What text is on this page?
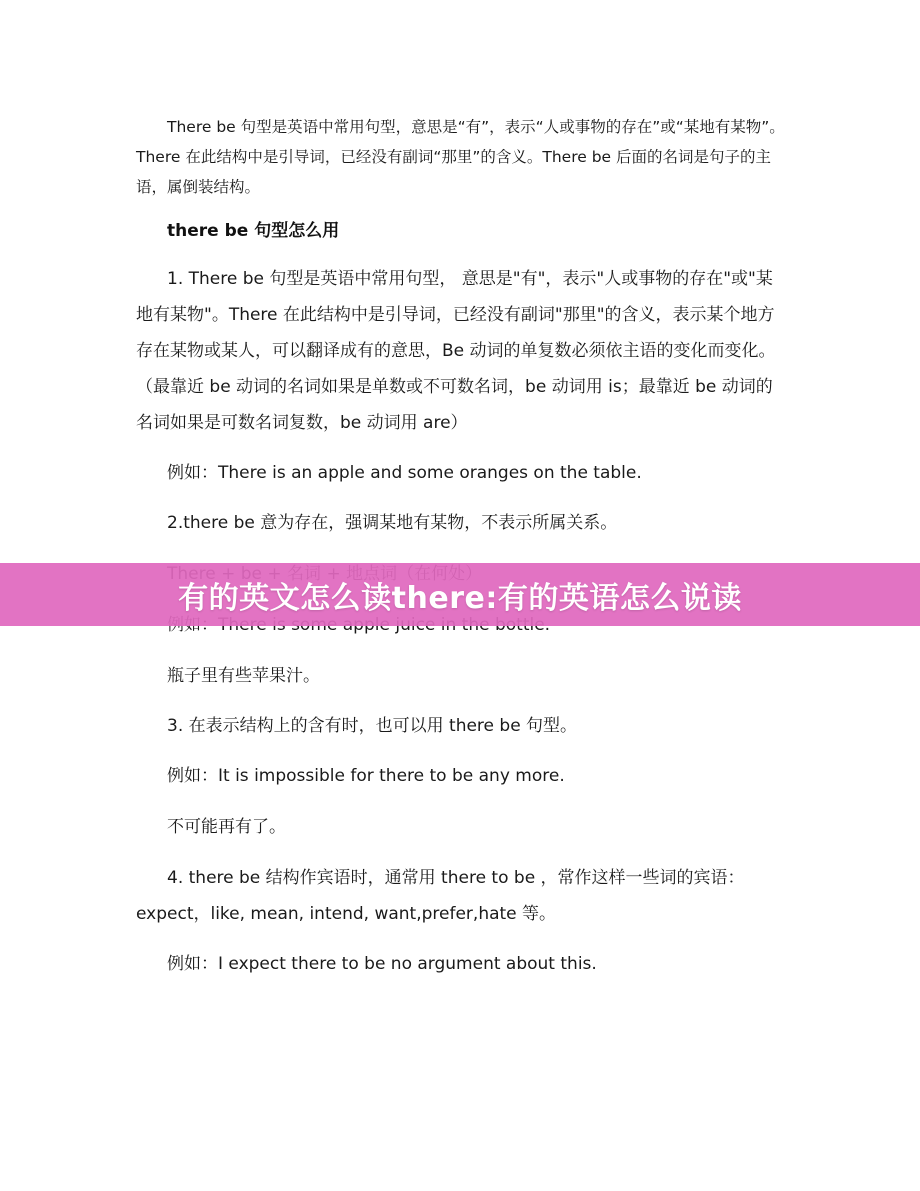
There be 句型是英语中常用句型，意思是“有”，表示“人或事物的存在”或“某地有某物”。There 在此结构中是引导词，已经没有副词“那里”的含义。There be 后面的名词是句子的主语，属倒装结构。

there be 句型怎么用

1. There be 句型是英语中常用句型， 意思是"有"，表示"人或事物的存在"或"某地有某物"。There 在此结构中是引导词，已经没有副词"那里"的含义，表示某个地方存在某物或某人，可以翻译成有的意思，Be 动词的单复数必须依主语的变化而变化。（最靠近 be 动词的名词如果是单数或不可数名词，be 动词用 is；最靠近 be 动词的名词如果是可数名词复数，be 动词用 are）

例如：There is an apple and some oranges on the table.

2.there be 意为存在，强调某地有某物，不表示所属关系。

瓶子里有些苹果汁。

3. 在表示结构上的含有时，也可以用 there be 句型。

例如：It is impossible for there to be any more.

不可能再有了。

4. there be 结构作宾语时，通常用 there to be ，常作这样一些词的宾语：expect，like, mean, intend, want,prefer,hate 等。

例如：I expect there to be no argument about this.

有的英文怎么读there:有的英语怎么说读
